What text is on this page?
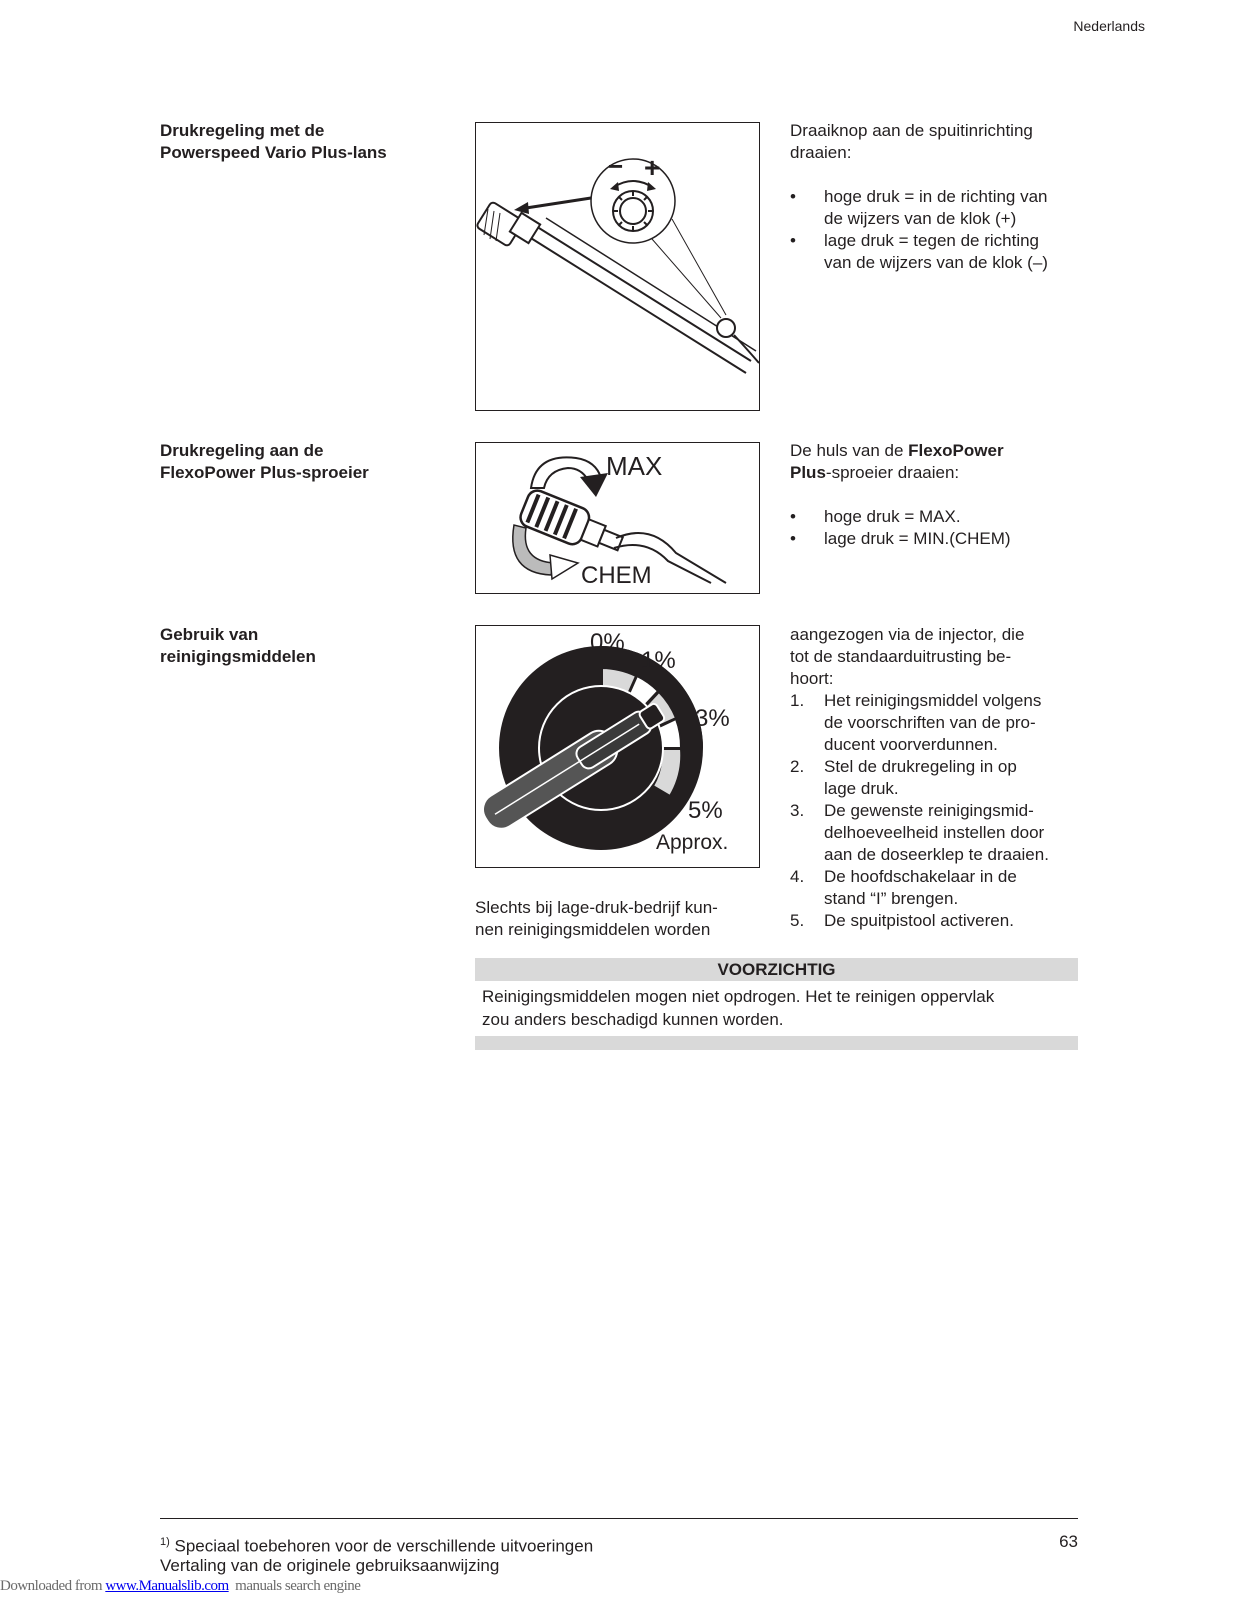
Nederlands
Drukregeling met de
Powerspeed Vario Plus-lans	− +

Draaiknop aan de spuitinrichting

draaien:

• hoge druk = in de richting van
de wijzers van de klok (+)
• lage druk = tegen de richting
van de wijzers van de klok (–)
Drukregeling aan de
FlexoPower Plus-sproeier	MAX
CHEM

De huls van de FlexoPower

Plus-sproeier draaien:

• hoge druk = MAX.
• lage druk = MIN.(CHEM)
Gebruik van
reinigingsmiddelen
0%
1%
3%
5%
Approx.
Slechts bij lage-druk-bedrijf kun-
nen reinigingsmiddelen worden

aangezogen via de injector, die

tot de standaarduitrusting be-

hoort:

1. Het reinigingsmiddel volgens
de voorschriften van de pro-
ducent voorverdunnen.
2. Stel de drukregeling in op
lage druk.
3. De gewenste reinigingsmid-
delhoeveelheid instellen door
aan de doseerklep te draaien.
4. De hoofdschakelaar in de
stand “I” brengen.
5. De spuitpistool activeren.
VOORZICHTIG
Reinigingsmiddelen mogen niet opdrogen. Het te reinigen oppervlak
zou anders beschadigd kunnen worden.
$^{1)}$ Speciaal toebehoren voor de verschillende uitvoeringen
Vertaling van de originele gebruiksaanwijzing
63
Downloaded from www.Manualslib.com  manuals search engine
